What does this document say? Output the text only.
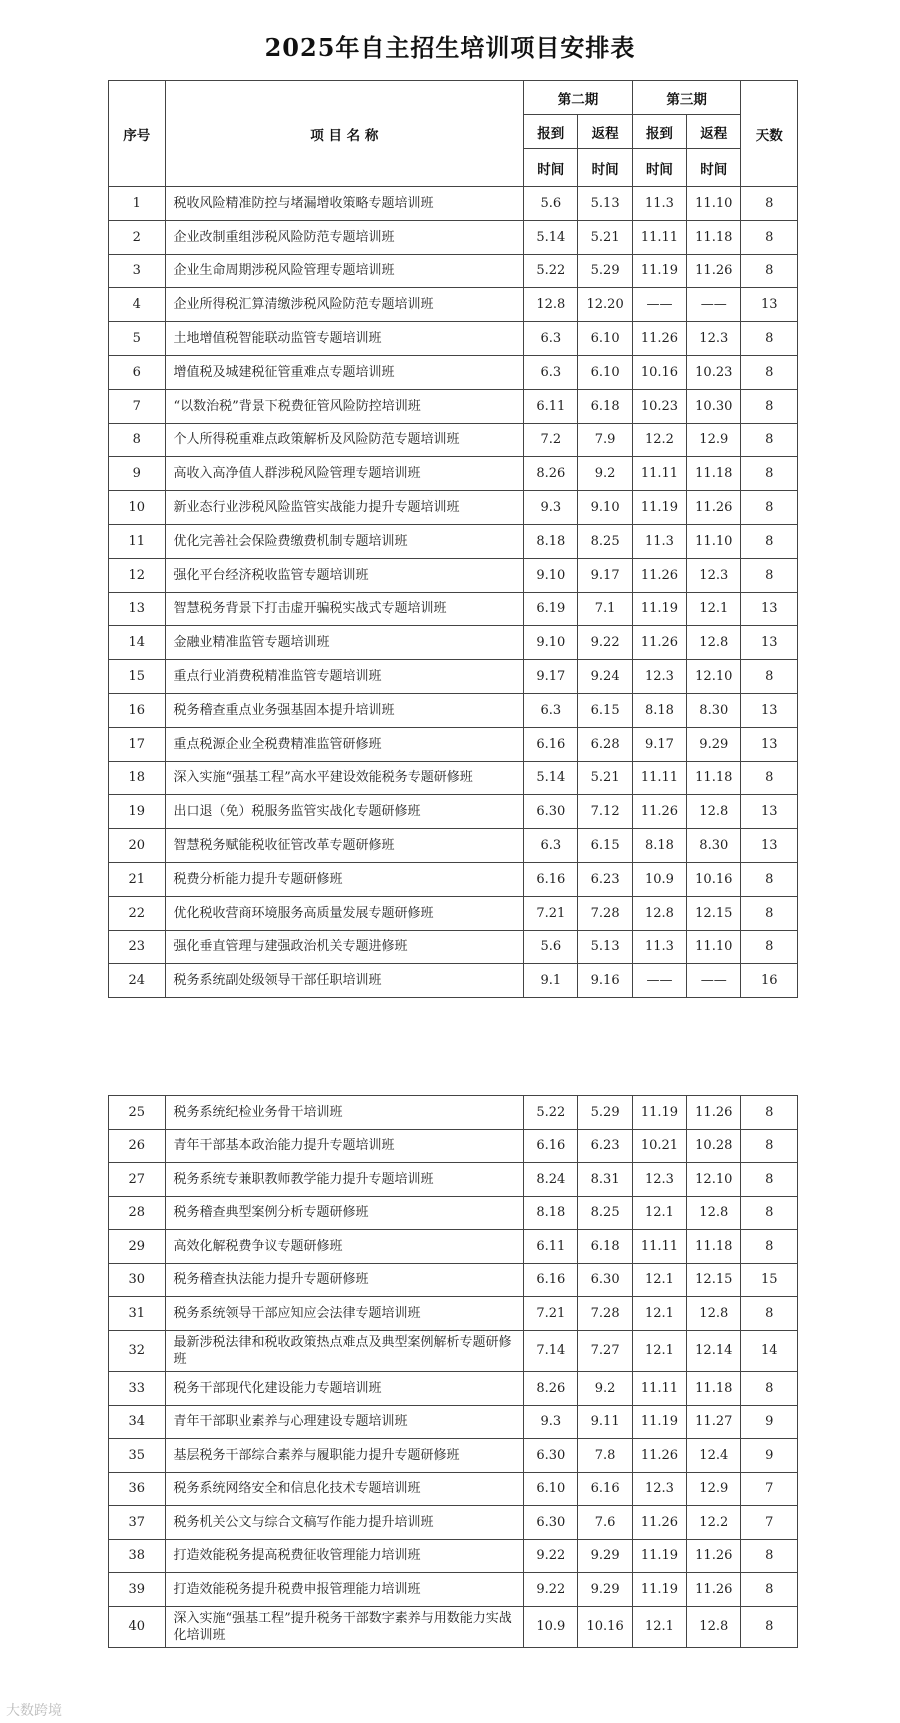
2025年自主招生培训项目安排表
序号	项 目 名 称	第二期		第三期		天数
		报到	返程	报到	返程	
		时间	时间	时间	时间	
1	税收风险精准防控与堵漏增收策略专题培训班	5.6	5.13	11.3	11.10	8
2	企业改制重组涉税风险防范专题培训班	5.14	5.21	11.11	11.18	8
3	企业生命周期涉税风险管理专题培训班	5.22	5.29	11.19	11.26	8
4	企业所得税汇算清缴涉税风险防范专题培训班	12.8	12.20	——	——	13
5	土地增值税智能联动监管专题培训班	6.3	6.10	11.26	12.3	8
6	增值税及城建税征管重难点专题培训班	6.3	6.10	10.16	10.23	8
7	“以数治税”背景下税费征管风险防控培训班	6.11	6.18	10.23	10.30	8
8	个人所得税重难点政策解析及风险防范专题培训班	7.2	7.9	12.2	12.9	8
9	高收入高净值人群涉税风险管理专题培训班	8.26	9.2	11.11	11.18	8
10	新业态行业涉税风险监管实战能力提升专题培训班	9.3	9.10	11.19	11.26	8
11	优化完善社会保险费缴费机制专题培训班	8.18	8.25	11.3	11.10	8
12	强化平台经济税收监管专题培训班	9.10	9.17	11.26	12.3	8
13	智慧税务背景下打击虚开骗税实战式专题培训班	6.19	7.1	11.19	12.1	13
14	金融业精准监管专题培训班	9.10	9.22	11.26	12.8	13
15	重点行业消费税精准监管专题培训班	9.17	9.24	12.3	12.10	8
16	税务稽查重点业务强基固本提升培训班	6.3	6.15	8.18	8.30	13
17	重点税源企业全税费精准监管研修班	6.16	6.28	9.17	9.29	13
18	深入实施“强基工程”高水平建设效能税务专题研修班	5.14	5.21	11.11	11.18	8
19	出口退（免）税服务监管实战化专题研修班	6.30	7.12	11.26	12.8	13
20	智慧税务赋能税收征管改革专题研修班	6.3	6.15	8.18	8.30	13
21	税费分析能力提升专题研修班	6.16	6.23	10.9	10.16	8
22	优化税收营商环境服务高质量发展专题研修班	7.21	7.28	12.8	12.15	8
23	强化垂直管理与建强政治机关专题进修班	5.6	5.13	11.3	11.10	8
24	税务系统副处级领导干部任职培训班	9.1	9.16	——	——	16
25	税务系统纪检业务骨干培训班	5.22	5.29	11.19	11.26	8
26	青年干部基本政治能力提升专题培训班	6.16	6.23	10.21	10.28	8
27	税务系统专兼职教师教学能力提升专题培训班	8.24	8.31	12.3	12.10	8
28	税务稽查典型案例分析专题研修班	8.18	8.25	12.1	12.8	8
29	高效化解税费争议专题研修班	6.11	6.18	11.11	11.18	8
30	税务稽查执法能力提升专题研修班	6.16	6.30	12.1	12.15	15
31	税务系统领导干部应知应会法律专题培训班	7.21	7.28	12.1	12.8	8
32	最新涉税法律和税收政策热点难点及典型案例解析专题研修班	7.14	7.27	12.1	12.14	14
33	税务干部现代化建设能力专题培训班	8.26	9.2	11.11	11.18	8
34	青年干部职业素养与心理建设专题培训班	9.3	9.11	11.19	11.27	9
35	基层税务干部综合素养与履职能力提升专题研修班	6.30	7.8	11.26	12.4	9
36	税务系统网络安全和信息化技术专题培训班	6.10	6.16	12.3	12.9	7
37	税务机关公文与综合文稿写作能力提升培训班	6.30	7.6	11.26	12.2	7
38	打造效能税务提高税费征收管理能力培训班	9.22	9.29	11.19	11.26	8
39	打造效能税务提升税费申报管理能力培训班	9.22	9.29	11.19	11.26	8
40	深入实施“强基工程”提升税务干部数字素养与用数能力实战化培训班	10.9	10.16	12.1	12.8	8
大数跨境
